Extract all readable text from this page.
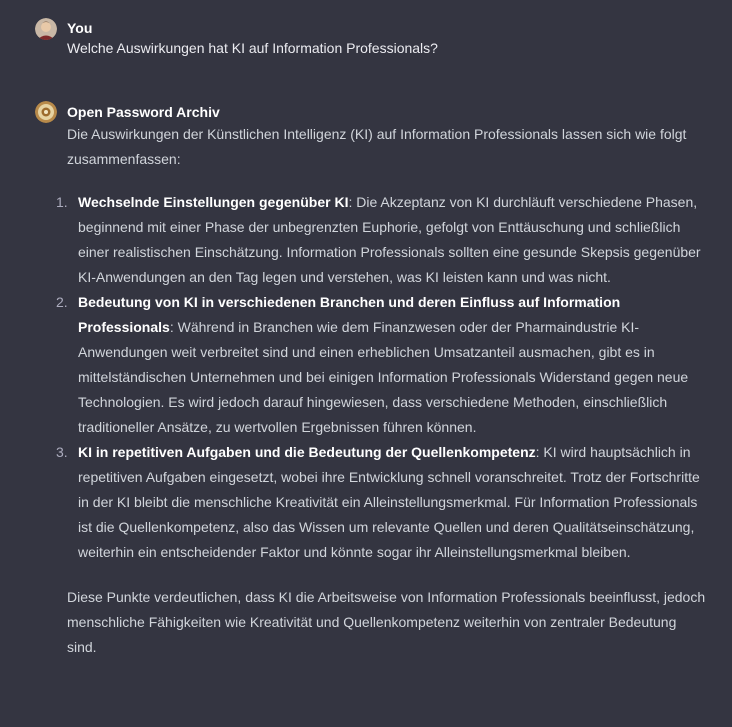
You
Welche Auswirkungen hat KI auf Information Professionals?
Open Password Archiv

Die Auswirkungen der Künstlichen Intelligenz (KI) auf Information Professionals lassen sich wie folgt zusammenfassen:

1. Wechselnde Einstellungen gegenüber KI: Die Akzeptanz von KI durchläuft verschiedene Phasen, beginnend mit einer Phase der unbegrenzten Euphorie, gefolgt von Enttäuschung und schließlich einer realistischen Einschätzung. Information Professionals sollten eine gesunde Skepsis gegenüber KI-Anwendungen an den Tag legen und verstehen, was KI leisten kann und was nicht.
2. Bedeutung von KI in verschiedenen Branchen und deren Einfluss auf Information Professionals: Während in Branchen wie dem Finanzwesen oder der Pharmaindustrie KI-Anwendungen weit verbreitet sind und einen erheblichen Umsatzanteil ausmachen, gibt es in mittelständischen Unternehmen und bei einigen Information Professionals Widerstand gegen neue Technologien. Es wird jedoch darauf hingewiesen, dass verschiedene Methoden, einschließlich traditioneller Ansätze, zu wertvollen Ergebnissen führen können.
3. KI in repetitiven Aufgaben und die Bedeutung der Quellenkompetenz: KI wird hauptsächlich in repetitiven Aufgaben eingesetzt, wobei ihre Entwicklung schnell voranschreitet. Trotz der Fortschritte in der KI bleibt die menschliche Kreativität ein Alleinstellungsmerkmal. Für Information Professionals ist die Quellenkompetenz, also das Wissen um relevante Quellen und deren Qualitätseinschätzung, weiterhin ein entscheidender Faktor und könnte sogar ihr Alleinstellungsmerkmal bleiben.

Diese Punkte verdeutlichen, dass KI die Arbeitsweise von Information Professionals beeinflusst, jedoch menschliche Fähigkeiten wie Kreativität und Quellenkompetenz weiterhin von zentraler Bedeutung sind.
